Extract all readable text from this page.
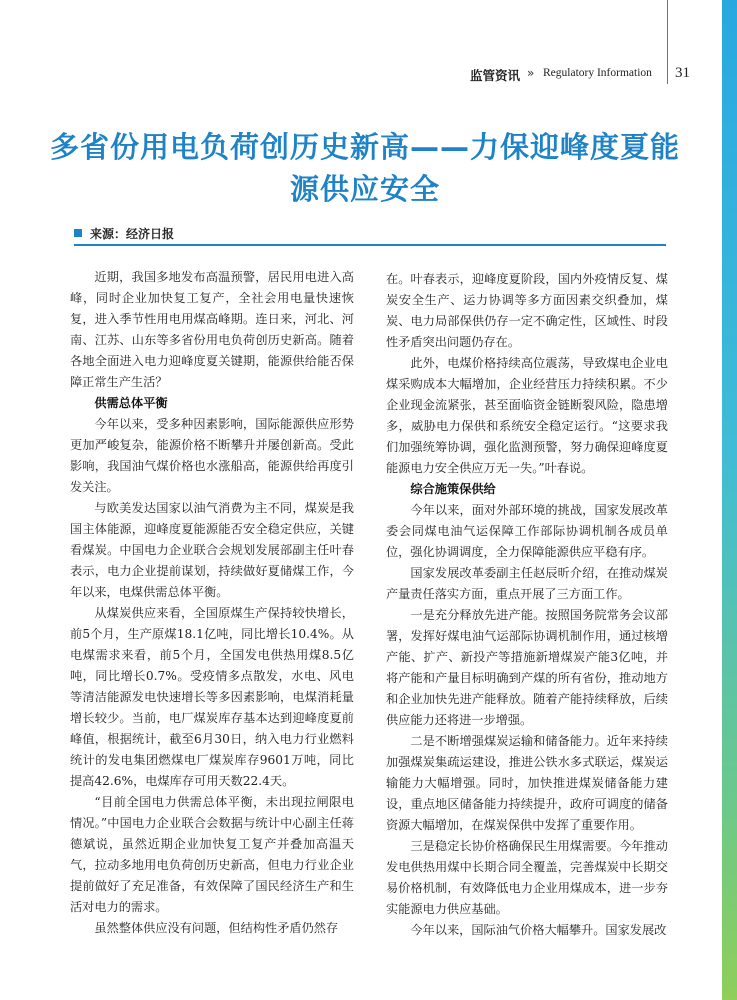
监管资讯 » Regulatory Information 31
多省份用电负荷创历史新高——力保迎峰度夏能源供应安全
来源：经济日报

近期，我国多地发布高温预警，居民用电进入高峰，同时企业加快复工复产，全社会用电量快速恢复，进入季节性用电用煤高峰期。连日来，河北、河南、江苏、山东等多省份用电负荷创历史新高。随着各地全面进入电力迎峰度夏关键期，能源供给能否保障正常生产生活？

供需总体平衡

今年以来，受多种因素影响，国际能源供应形势更加严峻复杂，能源价格不断攀升并屡创新高。受此影响，我国油气煤价格也水涨船高，能源供给再度引发关注。

与欧美发达国家以油气消费为主不同，煤炭是我国主体能源，迎峰度夏能源能否安全稳定供应，关键看煤炭。中国电力企业联合会规划发展部副主任叶春表示，电力企业提前谋划，持续做好夏储煤工作，今年以来，电煤供需总体平衡。

从煤炭供应来看，全国原煤生产保持较快增长，前5个月，生产原煤18.1亿吨，同比增长10.4%。从电煤需求来看，前5个月，全国发电供热用煤8.5亿吨，同比增长0.7%。受疫情多点散发，水电、风电等清洁能源发电快速增长等多因素影响，电煤消耗量增长较少。当前，电厂煤炭库存基本达到迎峰度夏前峰值，根据统计，截至6月30日，纳入电力行业燃料统计的发电集团燃煤电厂煤炭库存9601万吨，同比提高42.6%，电煤库存可用天数22.4天。

“目前全国电力供需总体平衡，未出现拉闸限电情况。”中国电力企业联合会数据与统计中心副主任蒋德斌说，虽然近期企业加快复工复产并叠加高温天气，拉动多地用电负荷创历史新高，但电力行业企业提前做好了充足准备，有效保障了国民经济生产和生活对电力的需求。

虽然整体供应没有问题，但结构性矛盾仍然存

在。叶春表示，迎峰度夏阶段，国内外疫情反复、煤炭安全生产、运力协调等多方面因素交织叠加，煤炭、电力局部保供仍存一定不确定性，区域性、时段性矛盾突出问题仍存在。

此外，电煤价格持续高位震荡，导致煤电企业电煤采购成本大幅增加，企业经营压力持续积累。不少企业现金流紧张，甚至面临资金链断裂风险，隐患增多，威胁电力保供和系统安全稳定运行。“这要求我们加强统筹协调，强化监测预警，努力确保迎峰度夏能源电力安全供应万无一失。”叶春说。

综合施策保供给

今年以来，面对外部环境的挑战，国家发展改革委会同煤电油气运保障工作部际协调机制各成员单位，强化协调调度，全力保障能源供应平稳有序。

国家发展改革委副主任赵辰昕介绍，在推动煤炭产量责任落实方面，重点开展了三方面工作。

一是充分释放先进产能。按照国务院常务会议部署，发挥好煤电油气运部际协调机制作用，通过核增产能、扩产、新投产等措施新增煤炭产能3亿吨，并将产能和产量目标明确到产煤的所有省份，推动地方和企业加快先进产能释放。随着产能持续释放，后续供应能力还将进一步增强。

二是不断增强煤炭运输和储备能力。近年来持续加强煤炭集疏运建设，推进公铁水多式联运，煤炭运输能力大幅增强。同时，加快推进煤炭储备能力建设，重点地区储备能力持续提升，政府可调度的储备资源大幅增加，在煤炭保供中发挥了重要作用。

三是稳定长协价格确保民生用煤需要。今年推动发电供热用煤中长期合同全覆盖，完善煤炭中长期交易价格机制，有效降低电力企业用煤成本，进一步夯实能源电力供应基础。

今年以来，国际油气价格大幅攀升。国家发展改
